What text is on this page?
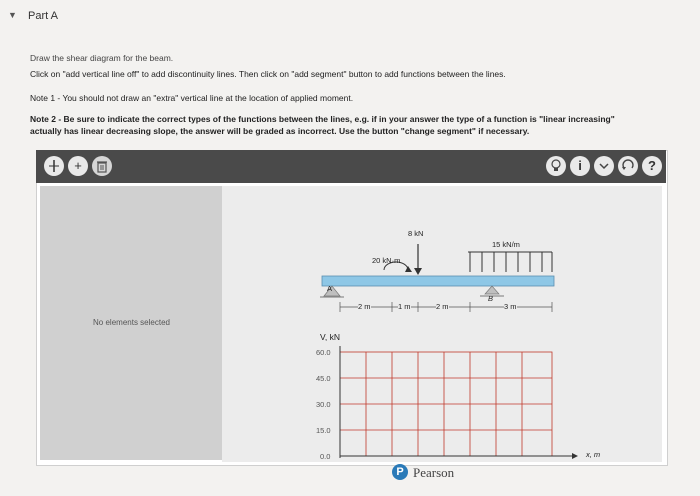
▼ Part A
Draw the shear diagram for the beam.
Click on "add vertical line off" to add discontinuity lines. Then click on "add segment" button to add functions between the lines.
Note 1 - You should not draw an "extra" vertical line at the location of applied moment.
Note 2 - Be sure to indicate the correct types of the functions between the lines, e.g. if in your answer the type of a function is "linear increasing"
actually has linear decreasing slope, the answer will be graded as incorrect. Use the button "change segment" if necessary.
+	i	?
No elements selected
8 kN
20 kN·m
15 kN/m
A
B
2 m	1 m	2 m	3 m
V, kN
60.0
45.0
30.0
15.0
0.0	x, m
P Pearson
